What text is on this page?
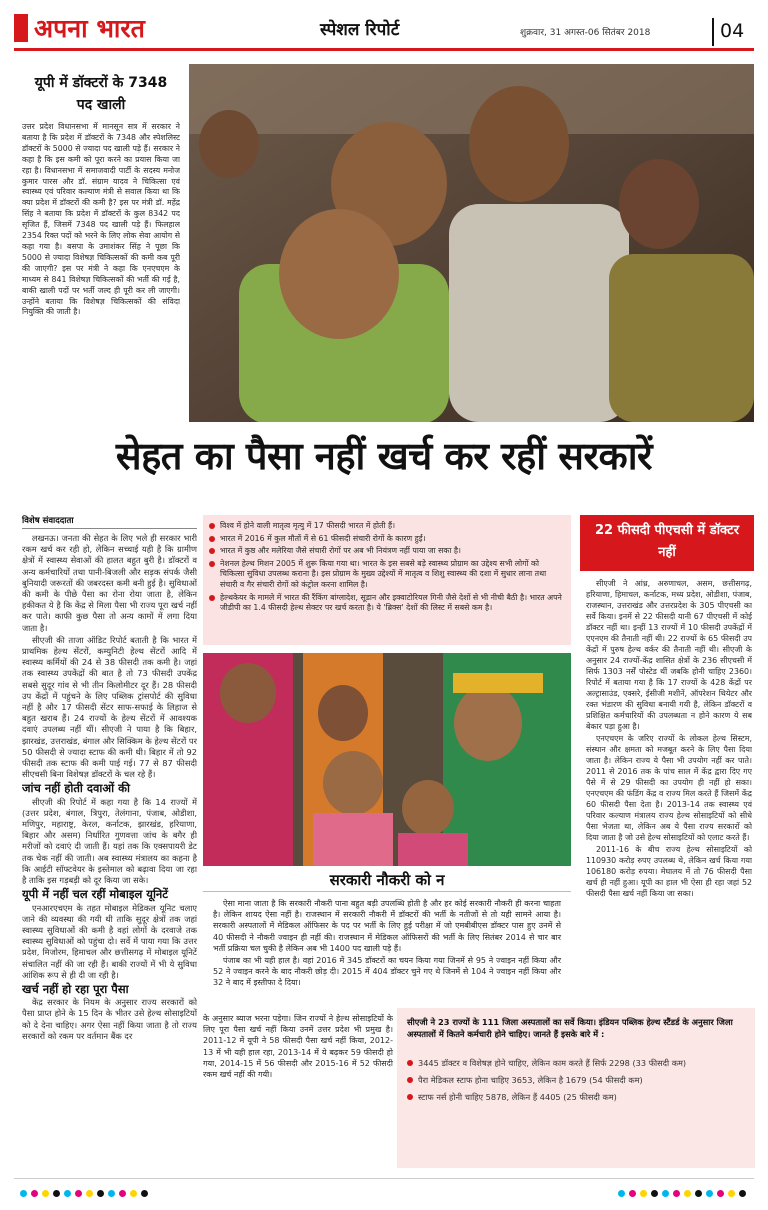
अपना भारत	स्पेशल रिपोर्ट	शुक्रवार, 31 अगस्त-06 सितंबर 2018	04
यूपी में डॉक्टरों के 7348 पद खाली
उत्तर प्रदेश विधानसभा में मानसून सत्र में सरकार ने बताया है कि प्रदेश में डॉक्टरों के 7348 और स्पेशलिस्ट डॉक्टरों के 5000 से ज्यादा पद खाली पड़े हैं। सरकार ने कहा है कि इस कमी को पूरा करने का प्रयास किया जा रहा है। विधानसभा में समाजवादी पार्टी के सदस्य मनोज कुमार पारस और डॉ. संग्राम यादव ने चिकित्सा एवं स्वास्थ्य एवं परिवार कल्याण मंत्री से सवाल किया था कि क्या प्रदेश में डॉक्टरों की कमी है? इस पर मंत्री डॉ. महेंद्र सिंह ने बताया कि प्रदेश में डॉक्टरों के कुल 8342 पद सृजित हैं, जिसमें 7348 पद खाली पड़े हैं। फिलहाल 2354 रिक्त पदों को भरने के लिए लोक सेवा आयोग से कहा गया है। बसपा के उमाशंकर सिंह ने पूछा कि 5000 से ज्यादा विशेषज्ञ चिकित्सकों की कमी कब पूरी की जाएगी? इस पर मंत्री ने कहा कि एनएचएम के माध्यम से 841 विशेषज्ञ चिकित्सकों की भर्ती की गई है, बाकी खाली पदों पर भर्ती जल्द ही पूरी कर ली जाएगी। उन्होंने बताया कि विशेषज्ञ चिकित्सकों की संविदा नियुक्ति की जाती है।
सेहत का पैसा नहीं खर्च कर रहीं सरकारें
विशेष संवाददाता

लखनऊ। जनता की सेहत के लिए भले ही सरकार भारी रकम खर्च कर रही हो, लेकिन सच्चाई यही है कि ग्रामीण क्षेत्रों में स्वास्थ्य सेवाओं की हालत बहुत बुरी है। डॉक्टरों व अन्य कर्मचारियों तथा पानी-बिजली और सड़क संपर्क जैसी बुनियादी जरूरतों की जबरदस्त कमी बनी हुई है। सुविधाओं की कमी के पीछे पैसा का रोना रोया जाता है, लेकिन हकीकत ये है कि केंद्र से मिला पैसा भी राज्य पूरा खर्च नहीं कर पाते। काफी कुछ पैसा तो अन्य कामों में लगा दिया जाता है।

सीएजी की ताजा ऑडिट रिपोर्ट बताती है कि भारत में प्राथमिक हेल्थ सेंटरों, कम्युनिटी हेल्थ सेंटरों आदि में स्वास्थ्य कर्मियों की 24 से 38 फीसदी तक कमी है। जहां तक स्वास्थ्य उपकेंद्रों की बात है तो 73 फीसदी उपकेंद्र सबसे सुदूर गांव से भी तीन किलोमीटर दूर हैं। 28 फीसदी उप केंद्रों में पहुंचने के लिए पब्लिक ट्रांसपोर्ट की सुविधा नहीं है और 17 फीसदी सेंटर साफ-सफाई के लिहाज से बहुत खराब हैं। 24 राज्यों के हेल्थ सेंटरों में आवश्यक दवाएं उपलब्ध नहीं थीं। सीएजी ने पाया है कि बिहार, झारखंड, उत्तराखंड, बंगाल और सिक्किम के हेल्थ सेंटरों पर 50 फीसदी से ज्यादा स्टाफ की कमी थी। बिहार में तो 92 फीसदी तक स्टाफ की कमी पाई गई। 77 से 87 फीसदी सीएचसी बिना विशेषज्ञ डॉक्टरों के चल रहे हैं।

जांच नहीं होती दवाओं की

सीएजी की रिपोर्ट में कहा गया है कि 14 राज्यों में (उत्तर प्रदेश, बंगाल, त्रिपुरा, तेलंगाना, पंजाब, ओडीशा, मणिपुर, महाराष्ट्र, केरल, कर्नाटक, झारखंड, हरियाणा, बिहार और असम) निर्धारित गुणवत्ता जांच के बगैर ही मरीजों को दवाएं दी जाती हैं। यहां तक कि एक्सपायरी डेट तक चेक नहीं की जाती। अब स्वास्थ्य मंत्रालय का कहना है कि आईटी सॉफ्टवेयर के इस्तेमाल को बढ़ावा दिया जा रहा है ताकि इस गड़बड़ी को दूर किया जा सके।

यूपी में नहीं चल रहीं मोबाइल यूनिटें

एनआरएचएम के तहत मोबाइल मेडिकल यूनिट चलाए जाने की व्यवस्था की गयी थी ताकि सुदूर क्षेत्रों तक जहां स्वास्थ्य सुविधाओं की कमी है वहां लोगों के दरवाजे तक स्वास्थ्य सुविधाओं को पहुंचा दो। सर्वे में पाया गया कि उत्तर प्रदेश, मिजोरम, हिमाचल और छत्तीसगढ़ में मोबाइल यूनिटें संचालित नहीं की जा रही हैं। बाकी राज्यों में भी ये सुविधा आंशिक रूप से ही दी जा रही है।

खर्च नहीं हो रहा पूरा पैसा

केंद्र सरकार के नियम के अनुसार राज्य सरकारों को पैसा प्राप्त होने के 15 दिन के भीतर उसे हेल्थ सोसाइटियों को दे देना चाहिए। अगर ऐसा नहीं किया जाता है तो राज्य सरकारों को रकम पर वर्तमान बैंक दर

विश्व में होने वाली मातृत्व मृत्यु में 17 फीसदी भारत में होती हैं।
भारत में 2016 में कुल मौतों में से 61 फीसदी संचारी रोगों के कारण हुईं।
भारत में कुष्ठ और मलेरिया जैसे संचारी रोगों पर अब भी नियंत्रण नहीं पाया जा सका है।
नेशनल हेल्थ मिशन 2005 में शुरू किया गया था। भारत के इस सबसे बड़े स्वास्थ्य प्रोग्राम का उद्देश्य सभी लोगों को चिकित्सा सुविधा उपलब्ध कराना है। इस प्रोग्राम के मुख्य उद्देश्यों में मातृत्व व शिशु स्वास्थ्य की दशा में सुधार लाना तथा संचारी व गैर संचारी रोगों को कंट्रोल करना शामिल है।
हेल्थकेयर के मामले में भारत की रैंकिंग बांग्लादेश, सूडान और इक्वाटोरियल गिनी जैसे देशों से भी नीची बैठी है। भारत अपने जीडीपी का 1.4 फीसदी हेल्थ सेक्टर पर खर्च करता है। ये 'ब्रिक्स' देशों की लिस्ट में सबसे कम है।
सरकारी नौकरी को न

ऐसा माना जाता है कि सरकारी नौकरी पाना बहुत बड़ी उपलब्धि होती है और हर कोई सरकारी नौकरी ही करना चाहता है। लेकिन शायद ऐसा नहीं है। राजस्थान में सरकारी नौकरी में डॉक्टरों की भर्ती के नतीजों से तो यही सामने आया है। सरकारी अस्पतालों में मेडिकल ऑफिसर के पद पर भर्ती के लिए हुई परीक्षा में जो एमबीबीएस डॉक्टर पास हुए उनमें से 40 फीसदी ने नौकरी ज्वाइन ही नहीं की। राजस्थान में मेडिकल ऑफिसरों की भर्ती के लिए सितंबर 2014 से चार बार भर्ती प्रक्रिया चल चुकी है लेकिन अब भी 1400 पद खाली पड़े हैं।

पंजाब का भी यही हाल है। वहां 2016 में 345 डॉक्टरों का चयन किया गया जिनमें से 95 ने ज्वाइन नहीं किया और 52 ने ज्वाइन करने के बाद नौकरी छोड़ दी। 2015 में 404 डॉक्टर चुने गए थे जिनमें से 104 ने ज्वाइन नहीं किया और 32 ने बाद में इस्तीफा दे दिया।

के अनुसार ब्याज भरना पड़ेगा। जिन राज्यों ने हेल्थ सोसाइटियों के लिए पूरा पैसा खर्च नहीं किया उनमें उत्तर प्रदेश भी प्रमुख है। 2011-12 में यूपी ने 58 फीसदी पैसा खर्च नहीं किया, 2012-13 में भी यही हाल रहा, 2013-14 में ये बढ़कर 59 फीसदी हो गया, 2014-15 में 56 फीसदी और 2015-16 में 52 फीसदी रकम खर्च नहीं की गयी।
सीएजी ने 23 राज्यों के 111 जिला अस्पतालों का सर्वे किया। इंडियन पब्लिक हेल्थ स्टैंडर्ड के अनुसार जिला अस्पतालों में कितने कर्मचारी होने चाहिए। जानते हैं इसके बारे में :
3445 डॉक्टर व विशेषज्ञ होने चाहिए, लेकिन काम करते हैं सिर्फ 2298 (33 फीसदी कम)
पैरा मेडिकल स्टाफ होना चाहिए 3653, लेकिन है 1679 (54 फीसदी कम)
स्टाफ नर्स होनी चाहिए 5878, लेकिन हैं 4405 (25 फीसदी कम)
22 फीसदी पीएचसी में डॉक्टर नहीं

सीएजी ने आंध्र, अरुणाचल, असम, छत्तीसगढ़, हरियाणा, हिमाचल, कर्नाटक, मध्य प्रदेश, ओडीशा, पंजाब, राजस्थान, उत्तराखंड और उत्तरप्रदेश के 305 पीएचसी का सर्वे किया। इनमें से 22 फीसदी यानी 67 पीएचसी में कोई डॉक्टर नहीं था। इन्हीं 13 राज्यों में 10 फीसदी उपकेंद्रों में एएनएम की तैनाती नहीं थी। 22 राज्यों के 65 फीसदी उप केंद्रों में पुरुष हेल्थ वर्कर की तैनाती नहीं थी। सीएजी के अनुसार 24 राज्यों-केंद्र शासित क्षेत्रों के 236 सीएचसी में सिर्फ 1303 नर्सें पोस्टेड थीं जबकि होनी चाहिए 2360। रिपोर्ट में बताया गया है कि 17 राज्यों के 428 केंद्रों पर अल्ट्रासाउंड, एक्सरे, ईसीजी मशीनें, ऑपरेशन थियेटर और रक्त भंडारण की सुविधा बनायी गयी है, लेकिन डॉक्टरों व प्रशिक्षित कर्मचारियों की उपलब्धता न होने कारण ये सब बेकार पड़ा हुआ है।

एनएचएम के जरिए राज्यों के लोकल हेल्थ सिस्टम, संस्थान और क्षमता को मजबूत करने के लिए पैसा दिया जाता है। लेकिन राज्य ये पैसा भी उपयोग नहीं कर पाते। 2011 से 2016 तक के पांच साल में केंद्र द्वारा दिए गए पैसे में से 29 फीसदी का उपयोग ही नहीं हो सका। एनएचएम की फंडिंग केंद्र व राज्य मिल करते हैं जिसमें केंद्र 60 फीसदी पैसा देता है। 2013-14 तक स्वास्थ्य एवं परिवार कल्याण मंत्रालय राज्य हेल्थ सोसाइटियों को सीधे पैसा भेजता था, लेकिन अब ये पैसा राज्य सरकारों को दिया जाता है जो उसे हेल्थ सोसाइटियों को एलाट करते हैं।

2011-16 के बीच राज्य हेल्थ सोसाइटियों को 110930 करोड़ रुपए उपलब्ध थे, लेकिन खर्च किया गया 106180 करोड़ रुपया। मेघालय में तो 76 फीसदी पैसा खर्च ही नहीं हुआ। यूपी का हाल भी ऐसा ही रहा जहां 52 फीसदी पैसा खर्च नहीं किया जा सका।
